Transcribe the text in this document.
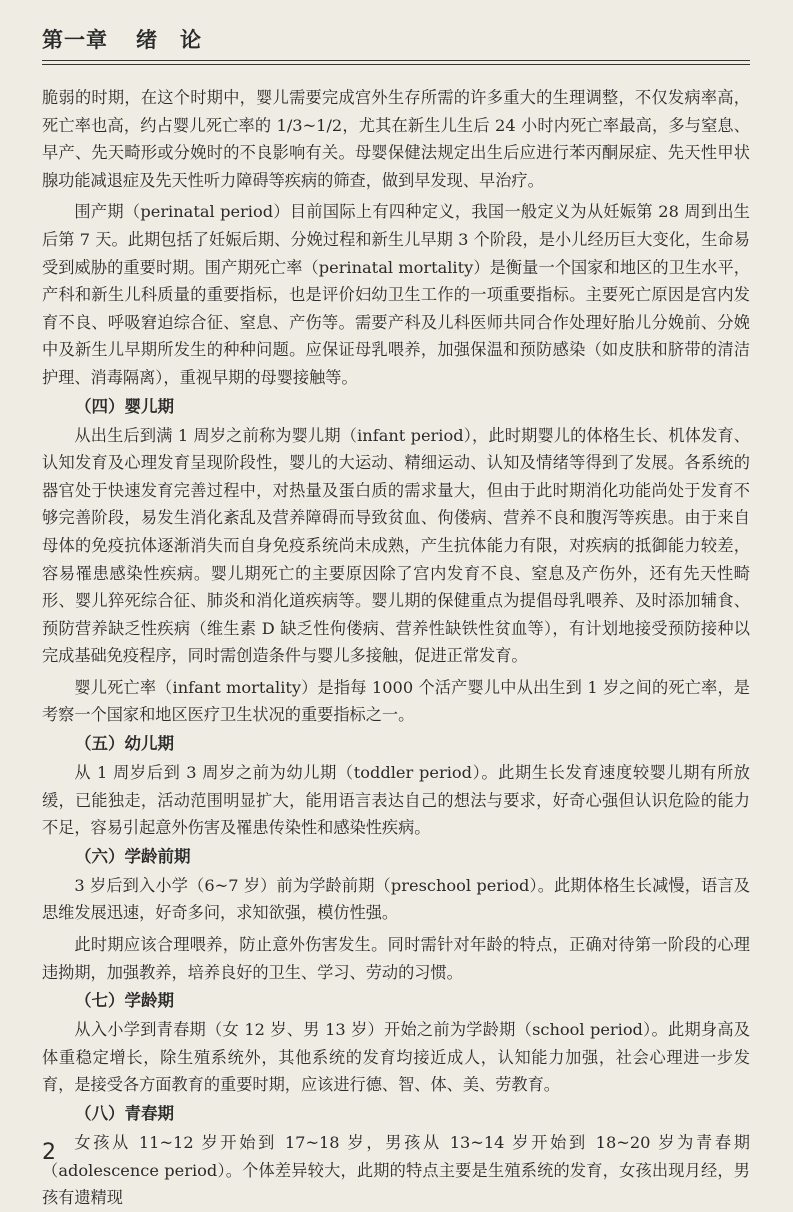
第一章 绪　论

脆弱的时期，在这个时期中，婴儿需要完成宫外生存所需的许多重大的生理调整，不仅发病率高，死亡率也高，约占婴儿死亡率的 1/3~1/2，尤其在新生儿生后 24 小时内死亡率最高，多与窒息、早产、先天畸形或分娩时的不良影响有关。母婴保健法规定出生后应进行苯丙酮尿症、先天性甲状腺功能减退症及先天性听力障碍等疾病的筛查，做到早发现、早治疗。

围产期（perinatal period）目前国际上有四种定义，我国一般定义为从妊娠第 28 周到出生后第 7 天。此期包括了妊娠后期、分娩过程和新生儿早期 3 个阶段，是小儿经历巨大变化，生命易受到威胁的重要时期。围产期死亡率（perinatal mortality）是衡量一个国家和地区的卫生水平，产科和新生儿科质量的重要指标，也是评价妇幼卫生工作的一项重要指标。主要死亡原因是宫内发育不良、呼吸窘迫综合征、窒息、产伤等。需要产科及儿科医师共同合作处理好胎儿分娩前、分娩中及新生儿早期所发生的种种问题。应保证母乳喂养，加强保温和预防感染（如皮肤和脐带的清洁护理、消毒隔离），重视早期的母婴接触等。

（四）婴儿期

从出生后到满 1 周岁之前称为婴儿期（infant period），此时期婴儿的体格生长、机体发育、认知发育及心理发育呈现阶段性，婴儿的大运动、精细运动、认知及情绪等得到了发展。各系统的器官处于快速发育完善过程中，对热量及蛋白质的需求量大，但由于此时期消化功能尚处于发育不够完善阶段，易发生消化紊乱及营养障碍而导致贫血、佝偻病、营养不良和腹泻等疾患。由于来自母体的免疫抗体逐渐消失而自身免疫系统尚未成熟，产生抗体能力有限，对疾病的抵御能力较差，容易罹患感染性疾病。婴儿期死亡的主要原因除了宫内发育不良、窒息及产伤外，还有先天性畸形、婴儿猝死综合征、肺炎和消化道疾病等。婴儿期的保健重点为提倡母乳喂养、及时添加辅食、预防营养缺乏性疾病（维生素 D 缺乏性佝偻病、营养性缺铁性贫血等），有计划地接受预防接种以完成基础免疫程序，同时需创造条件与婴儿多接触，促进正常发育。

婴儿死亡率（infant mortality）是指每 1000 个活产婴儿中从出生到 1 岁之间的死亡率，是考察一个国家和地区医疗卫生状况的重要指标之一。

（五）幼儿期

从 1 周岁后到 3 周岁之前为幼儿期（toddler period）。此期生长发育速度较婴儿期有所放缓，已能独走，活动范围明显扩大，能用语言表达自己的想法与要求，好奇心强但认识危险的能力不足，容易引起意外伤害及罹患传染性和感染性疾病。

（六）学龄前期

3 岁后到入小学（6~7 岁）前为学龄前期（preschool period）。此期体格生长减慢，语言及思维发展迅速，好奇多问，求知欲强，模仿性强。

此时期应该合理喂养，防止意外伤害发生。同时需针对年龄的特点，正确对待第一阶段的心理违拗期，加强教养，培养良好的卫生、学习、劳动的习惯。

（七）学龄期

从入小学到青春期（女 12 岁、男 13 岁）开始之前为学龄期（school period）。此期身高及体重稳定增长，除生殖系统外，其他系统的发育均接近成人，认知能力加强，社会心理进一步发育，是接受各方面教育的重要时期，应该进行德、智、体、美、劳教育。

（八）青春期

女孩从 11~12 岁开始到 17~18 岁，男孩从 13~14 岁开始到 18~20 岁为青春期（adolescence period）。个体差异较大，此期的特点主要是生殖系统的发育，女孩出现月经，男孩有遗精现

2
